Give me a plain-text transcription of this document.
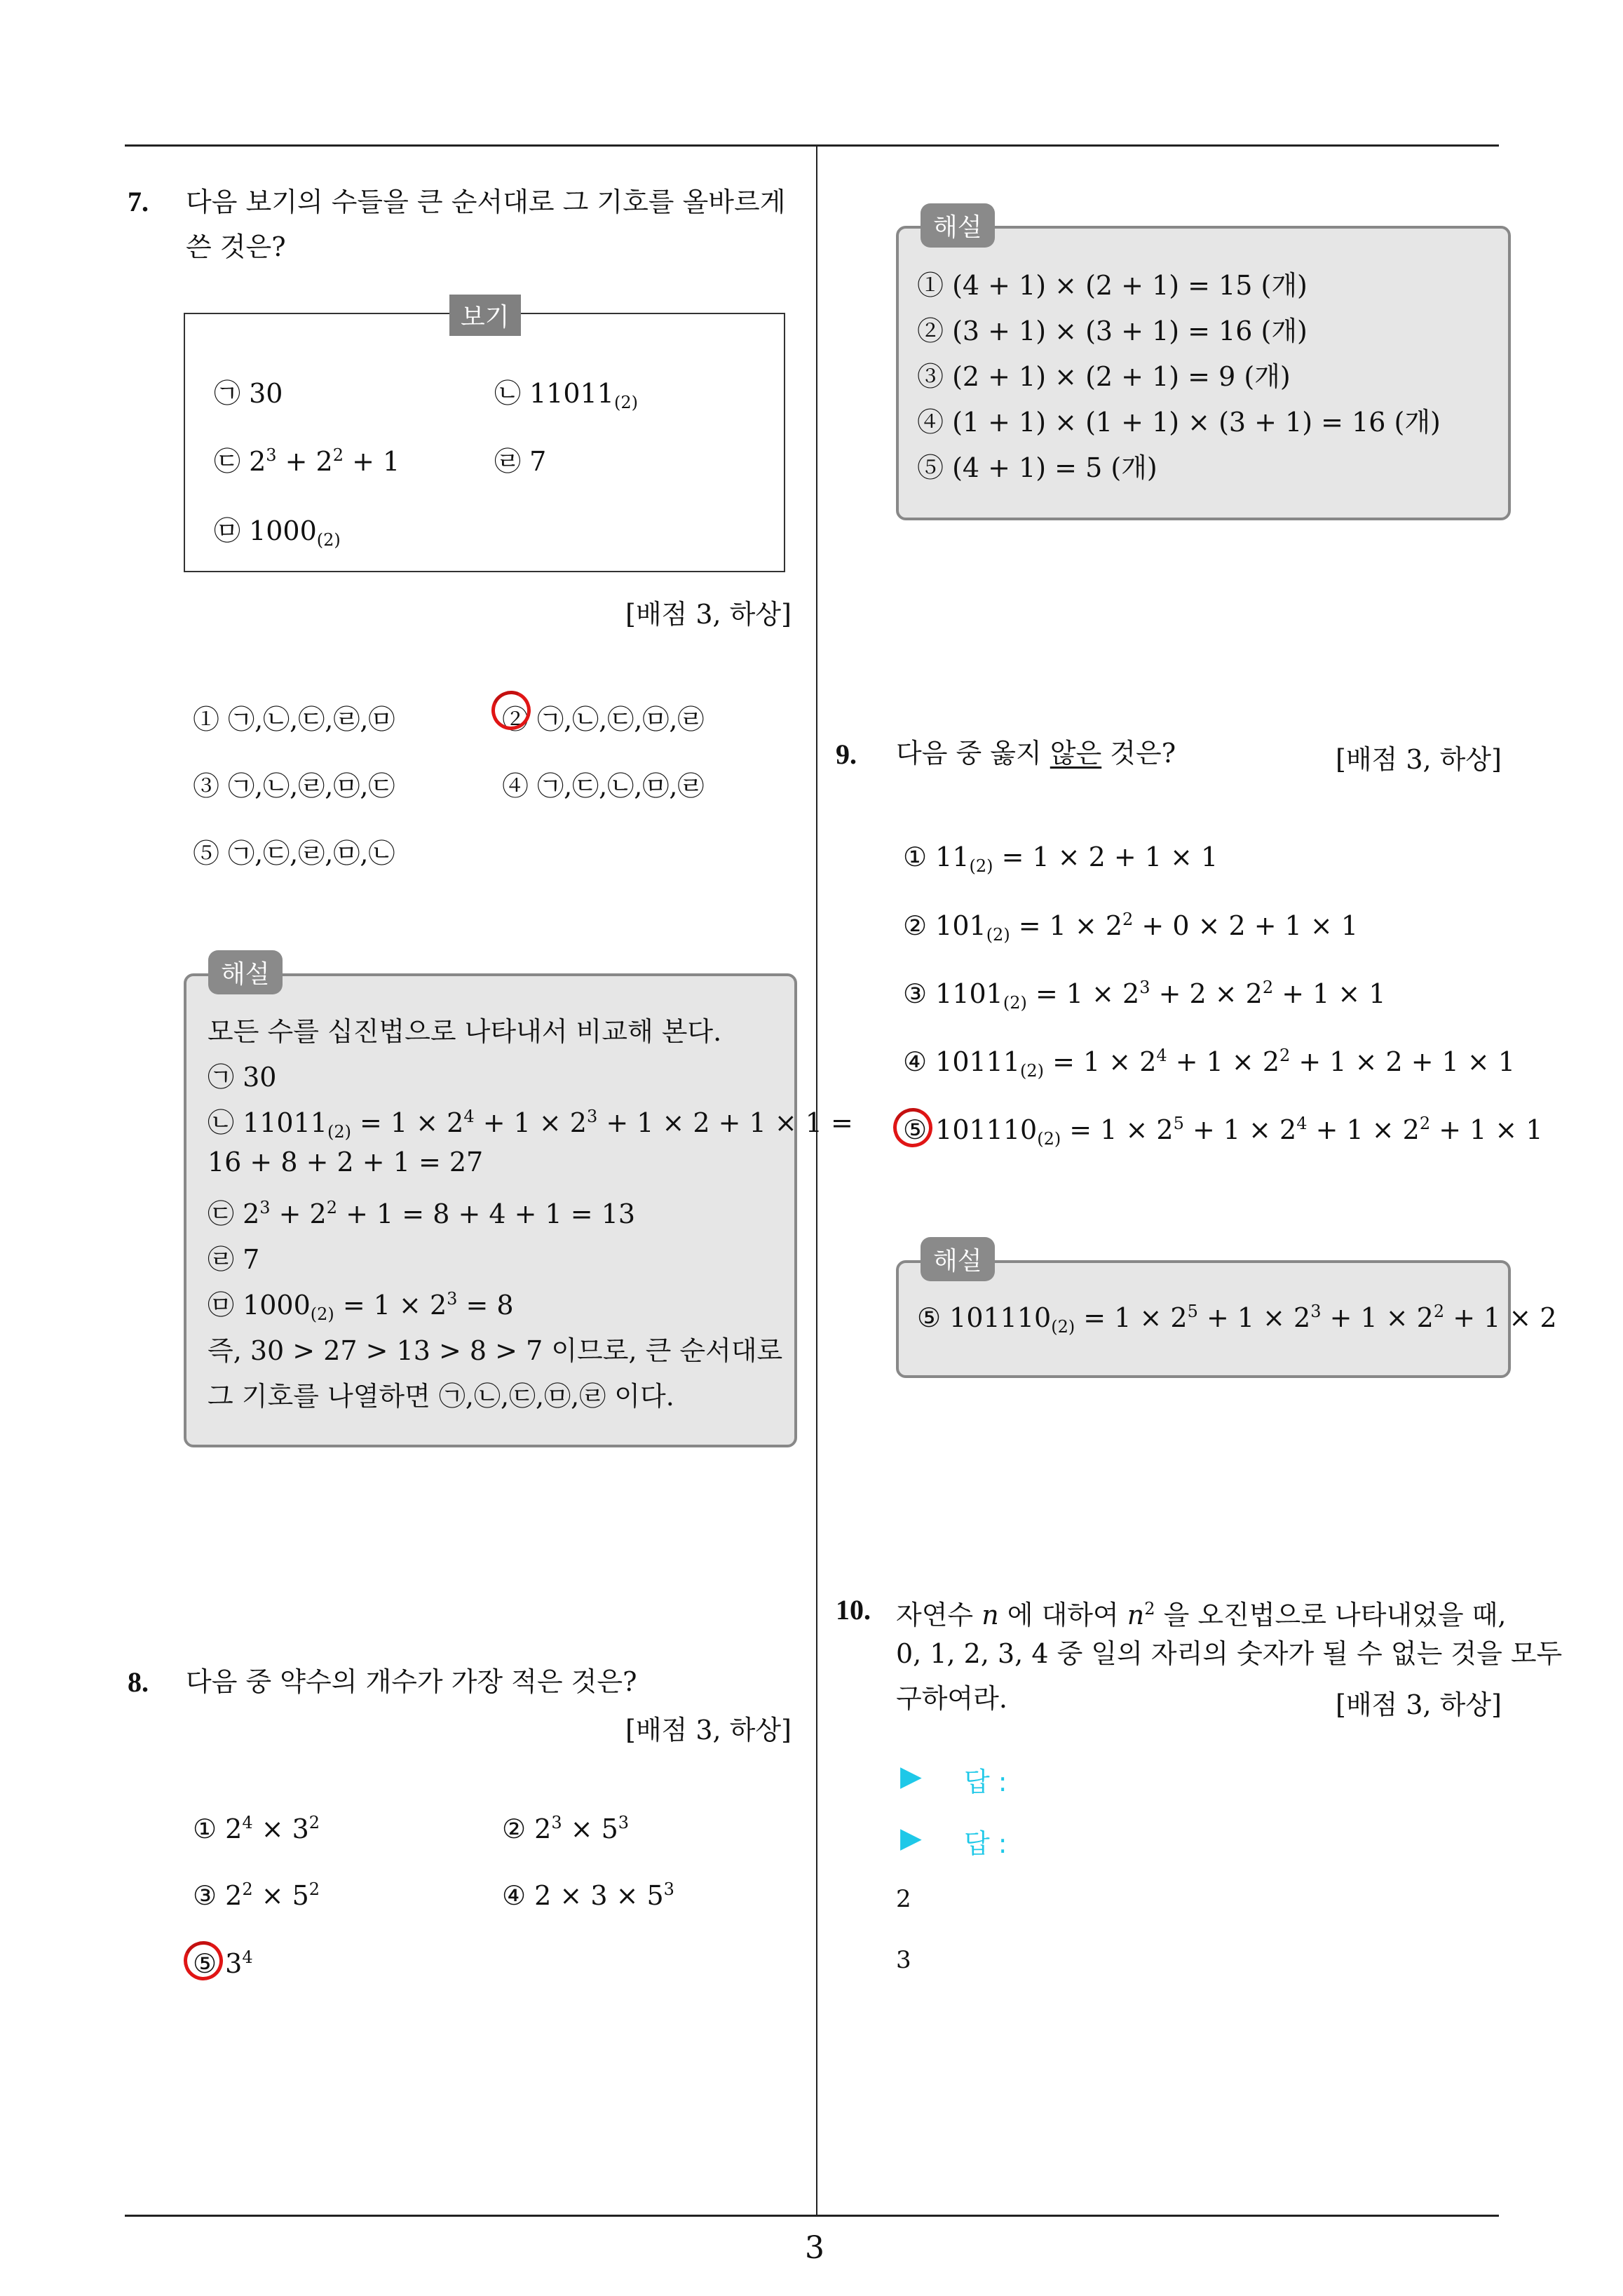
3
7. 다음 보기의 수들을 큰 순서대로 그 기호를 올바르게
쓴 것은?
보기
㉠ 30	㉡ $11011_{(2)}$
㉢ $2^3 + 2^2 + 1$	㉣ 7
㉤ $1000_{(2)}$
[배점 3, 하상]
① ㉠,㉡,㉢,㉣,㉤	② ㉠,㉡,㉢,㉤,㉣
③ ㉠,㉡,㉣,㉤,㉢	④ ㉠,㉢,㉡,㉤,㉣
⑤ ㉠,㉢,㉣,㉤,㉡
해설
모든 수를 십진법으로 나타내서 비교해 본다.
㉠ 30
㉡ $11011_{(2)} = 1 \times 2^4 + 1 \times 2^3 + 1 \times 2 + 1 \times 1$ =
16 + 8 + 2 + 1 = 27
㉢ $2^3 + 2^2 + 1 = 8 + 4 + 1 = 13$
㉣ 7
㉤ $1000_{(2)} = 1 \times 2^3 = 8$
즉, 30 > 27 > 13 > 8 > 7 이므로, 큰 순서대로
그 기호를 나열하면 ㉠,㉡,㉢,㉤,㉣ 이다.
8. 다음 중 약수의 개수가 가장 적은 것은?
[배점 3, 하상]
① $2^4 \times 3^2$	② $2^3 \times 5^3$
③ $2^2 \times 5^2$	④ $2 \times 3 \times 5^3$
⑤ $3^4$
해설
① (4 + 1) × (2 + 1) = 15 (개)
② (3 + 1) × (3 + 1) = 16 (개)
③ (2 + 1) × (2 + 1) = 9 (개)
④ (1 + 1) × (1 + 1) × (3 + 1) = 16 (개)
⑤ (4 + 1) = 5 (개)
9. 다음 중 옳지 않은 것은?	[배점 3, 하상]
① $11_{(2)} = 1 \times 2 + 1 \times 1$
② $101_{(2)} = 1 \times 2^2 + 0 \times 2 + 1 \times 1$
③ $1101_{(2)} = 1 \times 2^3 + 2 \times 2^2 + 1 \times 1$
④ $10111_{(2)} = 1 \times 2^4 + 1 \times 2^2 + 1 \times 2 + 1 \times 1$
⑤ $101110_{(2)} = 1 \times 2^5 + 1 \times 2^4 + 1 \times 2^2 + 1 \times 1$
해설
⑤ $101110_{(2)} = 1 \times 2^5 + 1 \times 2^3 + 1 \times 2^2 + 1 \times 2$
10. 자연수 n 에 대하여 $n^2$ 을 오진법으로 나타내었을 때,
0, 1, 2, 3, 4 중 일의 자리의 숫자가 될 수 없는 것을 모두
구하여라.	[배점 3, 하상]
▶ 답 :
▶ 답 :
2
3
